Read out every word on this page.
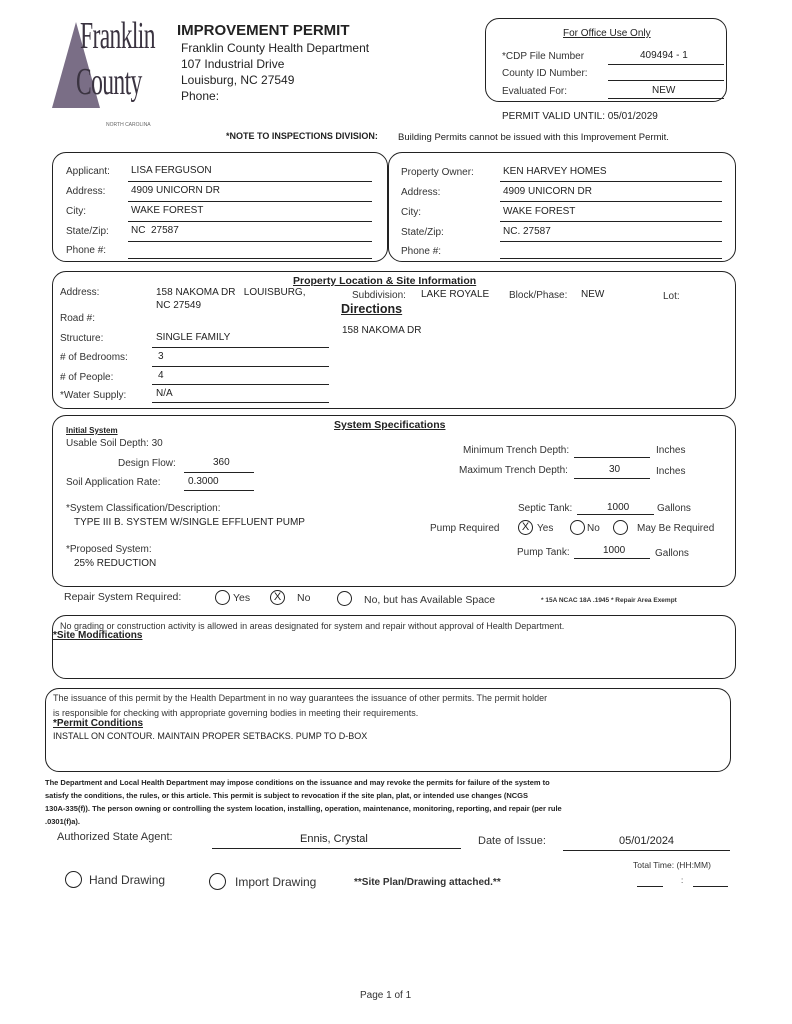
Franklin
County
NORTH CAROLINA
IMPROVEMENT PERMIT
Franklin County Health Department
107 Industrial Drive
Louisburg, NC 27549
Phone:
For Office Use Only
*CDP File Number	409494 - 1
County ID Number:
Evaluated For:	NEW
PERMIT VALID UNTIL: 05/01/2029
*NOTE TO INSPECTIONS DIVISION: Building Permits cannot be issued with this Improvement Permit.
Applicant: LISA FERGUSON
Address:	4909 UNICORN DR
City:	WAKE FOREST
State/Zip: NC  27587
Phone #:
Property Owner:	KEN HARVEY HOMES
Address:	4909 UNICORN DR
City:	WAKE FOREST
State/Zip:	NC. 27587
Phone #:
Property Location & Site Information
Address:	158 NAKOMA DR   LOUISBURG,
NC 27549
Subdivision: LAKE ROYALE Block/Phase: NEW	Lot:
Directions
158 NAKOMA DR
Road #:
Structure:	SINGLE FAMILY
# of Bedrooms:	3
# of People:	4
*Water Supply:	N/A
System Specifications
Initial System
Usable Soil Depth: 30
Design Flow:	360
Soil Application Rate:	0.3000
*System Classification/Description:
TYPE III B. SYSTEM W/SINGLE EFFLUENT PUMP
*Proposed System:
25% REDUCTION
Minimum Trench Depth:	Inches
Maximum Trench Depth:	30	Inches
Septic Tank:	1000	Gallons
Pump Required	X Yes	No	May Be Required
Pump Tank:	1000	Gallons
Repair System Required:	Yes	X	No	No, but has Available Space	* 15A NCAC 18A .1945 * Repair Area Exempt
No grading or construction activity is allowed in areas designated for system and repair without approval of Health Department.
*Site Modifications
The issuance of this permit by the Health Department in no way guarantees the issuance of other permits. The permit holder
is responsible for checking with appropriate governing bodies in meeting their requirements.
*Permit Conditions
INSTALL ON CONTOUR. MAINTAIN PROPER SETBACKS. PUMP TO D-BOX
The Department and Local Health Department may impose conditions on the issuance and may revoke the permits for failure of the system to
satisfy the conditions, the rules, or this article. This permit is subject to revocation if the site plan, plat, or intended use changes (NCGS
130A-335(f)). The person owning or controlling the system location, installing, operation, maintenance, monitoring, reporting, and repair (per rule
.0301(f)a).
Authorized State Agent:	Ennis, Crystal	Date of Issue:	05/01/2024
Total Time: (HH:MM)
:
Hand Drawing	Import Drawing	**Site Plan/Drawing attached.**
Page 1 of 1
